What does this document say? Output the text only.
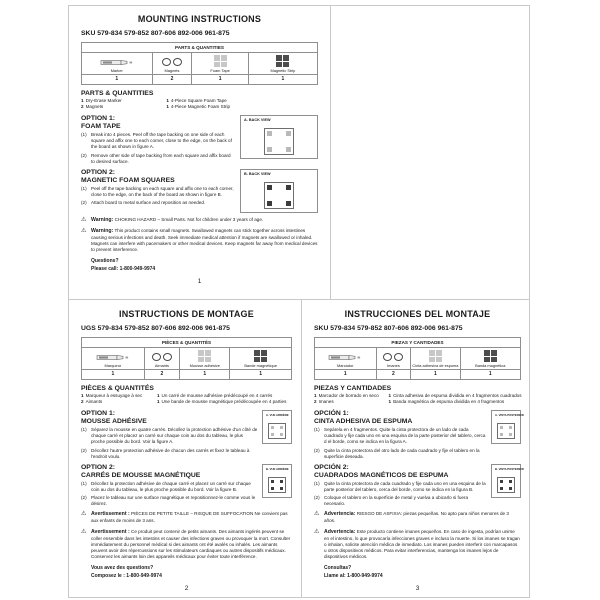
MOUNTING INSTRUCTIONS
SKU 579-834 579-852 807-606 892-006 961-875
PARTS & QUANTITIES
Marker	Magnets	Foam Tape	Magnetic Strip
1	2	1	1
PARTS & QUANTITIES
1 Dry-Erase Marker
2 Magnets
1 4-Piece Square Foam Tape
1 4-Piece Magnetic Foam Strip
A. BACK VIEW
OPTION 1:
FOAM TAPE
(1) Break into 4 pieces. Peel off the tape backing on one side of each square and affix one to each corner, close to the edge, on the back of the board as shown in figure A.
(2) Remove other side of tape backing from each square and affix board to desired surface.
B. BACK VIEW
OPTION 2:
MAGNETIC FOAM SQUARES
(1) Peel off the tape backing on each square and affix one to each corner, close to the edge, on the back of the board as shown in figure B.
(2) Attach board to metal surface and reposition as needed.
⚠ Warning: CHOKING HAZARD – Small Parts. Not for children under 3 years of age.
⚠ Warning: This product contains small magnets. Swallowed magnets can stick together across intestines causing serious infections and death. Seek immediate medical attention if magnets are swallowed or inhaled. Magnets can interfere with pacemakers or other medical devices. Keep magnets far away from medical devices to prevent interference.
Questions?
Please call: 1-800-949-9974
1
INSTRUCTIONS DE MONTAGE
UGS 579-834 579-852 807-606 892-006 961-875
PIÈCES & QUANTITÉS
Marqueur	Aimants	Mousse adhésive	Bande magnétique
1	2	1	1
PIÈCES & QUANTITÉS
1 Marqueur à essuyage à sec
2 Aimants
1 Un carré de mousse adhésive prédécoupé en 4 carrés
1 Une bande de mousse magnétique prédécoupée en 4 parties
A. VUE ARRIÈRE
OPTION 1:
MOUSSE ADHÉSIVE
(1) Séparez la mousse en quatre carrés. Décollez la protection adhésive d'un côté de chaque carré et placez un carré sur chaque coin au dos du tableau, le plus proche possible du bord. Voir la figure A.
(2) Décollez l'autre protection adhésive de chacun des carrés et fixez le tableau à l'endroit voulu.
B. VUE ARRIÈRE
OPTION 2:
CARRÉS DE MOUSSE MAGNÉTIQUE
(1) Décollez la protection adhésive de chaque carré et placez un carré sur chaque coin au dos du tableau, le plus proche possible du bord. Voir la figure B.
(2) Placez le tableau sur une surface magnétique et repositionnez-le comme vous le désirez.
⚠ Avertissement : PIÈCES DE PETITE TAILLE – RISQUE DE SUFFOCATION Ne convient pas aux enfants de moins de 3 ans.
⚠ Avertissement : Ce produit peut contenir de petits aimants. Des aimants ingérés peuvent se coller ensemble dans les intestins et causer des infections graves ou provoquer la mort. Consulter immédiatement du personnel médical si des aimants ont été avalés ou inhalés. Les aimants peuvent avoir des répercussions sur les stimulateurs cardiaques ou autres dispositifs médicaux. Conservez les aimants loin des appareils médicaux pour éviter toute interférence.
Vous avez des questions?
Composez le : 1-800-949-9974
2
INSTRUCCIONES DEL MONTAJE
SKU 579-834 579-852 807-606 892-006 961-875
PIEZAS Y CANTIDADES
Marcador	Imanes	Cinta adhesiva de espuma	Banda magnética
1	2	1	1
PIEZAS Y CANTIDADES
1 Marcador de borrado en seco
2 Imanes
1 Cinta adhesiva de espuma dividida en 4 fragmentos cuadrados
1 Banda magnética de espuma dividida en 4 fragmentos
A. VISTA POSTERIOR
OPCIÓN 1:
CINTA ADHESIVA DE ESPUMA
(1) Sepárela en 4 fragmentos. Quite la cinta protectora de un lado de cada cuadrado y fije cada uno en una esquina de la parte posterior del tablero, cerca d el borde, como se indica en la figura A.
(2) Quite la cinta protectora del otro lado de cada cuadrado y fije el tablero en la superficie deseada.
B. VISTA POSTERIOR
OPCIÓN 2:
CUADRADOS MAGNÉTICOS DE ESPUMA
(1) Quite la cinta protectora de cada cuadrado y fije cada uno en una esquina de la parte posterior del tablero, cerca del borde, como se indica en la figura B.
(2) Coloque el tablero en la superficie de metal y vuelva a ubicarlo si fuera necesario.
⚠ Advertencia: RIESGO DE ASFIXIA: piezas pequeñas. No apto para niños menores de 3 años.
⚠ Advertencia: Este producto contiene imanes pequeños. En caso de ingesta, podrían unirse en el intestino, lo que provocaría infecciones graves e incluso la muerte. Si los imanes se tragan o inhalan, solicite atención médica de inmediato. Los imanes pueden interferir con marcapasos u otros dispositivos médicos. Para evitar interferencias, mantenga los imanes lejos de dispositivos médicos.
Consultas?
Llame al: 1-800-949-9974
3
